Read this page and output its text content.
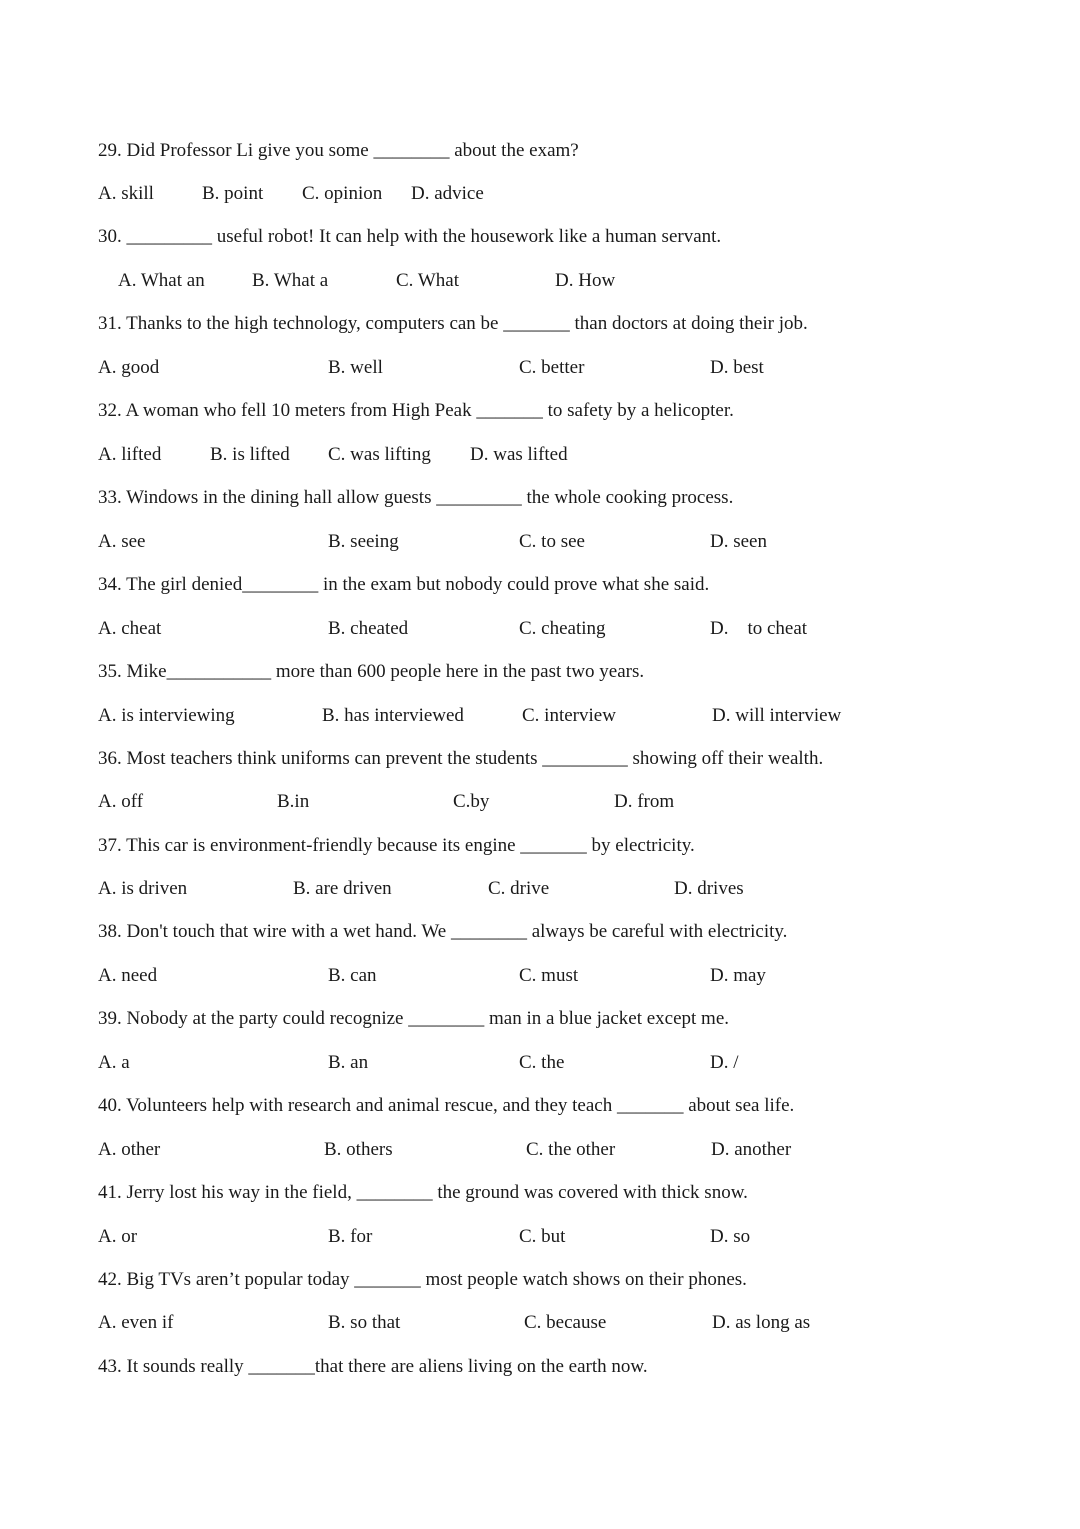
29. Did Professor Li give you some ________ about the exam?
A. skill	B. point C. opinion D. advice
30. _________ useful robot! It can help with the housework like a human servant.
A. What an B. What a	C. What	D. How
31. Thanks to the high technology, computers can be _______ than doctors at doing their job.
A. good	B. well	C. better	D. best
32. A woman who fell 10 meters from High Peak _______ to safety by a helicopter.
A. lifted	B. is lifted C. was lifting D. was lifted
33. Windows in the dining hall allow guests _________ the whole cooking process.
A. see	B. seeing	C. to see	D. seen
34. The girl denied________ in the exam but nobody could prove what she said.
A. cheat	B. cheated	C. cheating	D.    to cheat
35. Mike___________ more than 600 people here in the past two years.
A. is interviewing	B. has interviewed	C. interview	D. will interview
36. Most teachers think uniforms can prevent the students _________ showing off their wealth.
A. off	B.in	C.by	D. from
37. This car is environment-friendly because its engine _______ by electricity.
A. is driven	B. are driven	C. drive	D. drives
38. Don't touch that wire with a wet hand. We ________ always be careful with electricity.
A. need	B. can	C. must	D. may
39. Nobody at the party could recognize ________ man in a blue jacket except me.
A. a	B. an	C. the	D. /
40. Volunteers help with research and animal rescue, and they teach _______ about sea life.
A. other	B. others	C. the other	D. another
41. Jerry lost his way in the field, ________ the ground was covered with thick snow.
A. or	B. for	C. but	D. so
42. Big TVs aren’t popular today _______ most people watch shows on their phones.
A. even if	B. so that	C. because	D. as long as
43. It sounds really _______that there are aliens living on the earth now.
